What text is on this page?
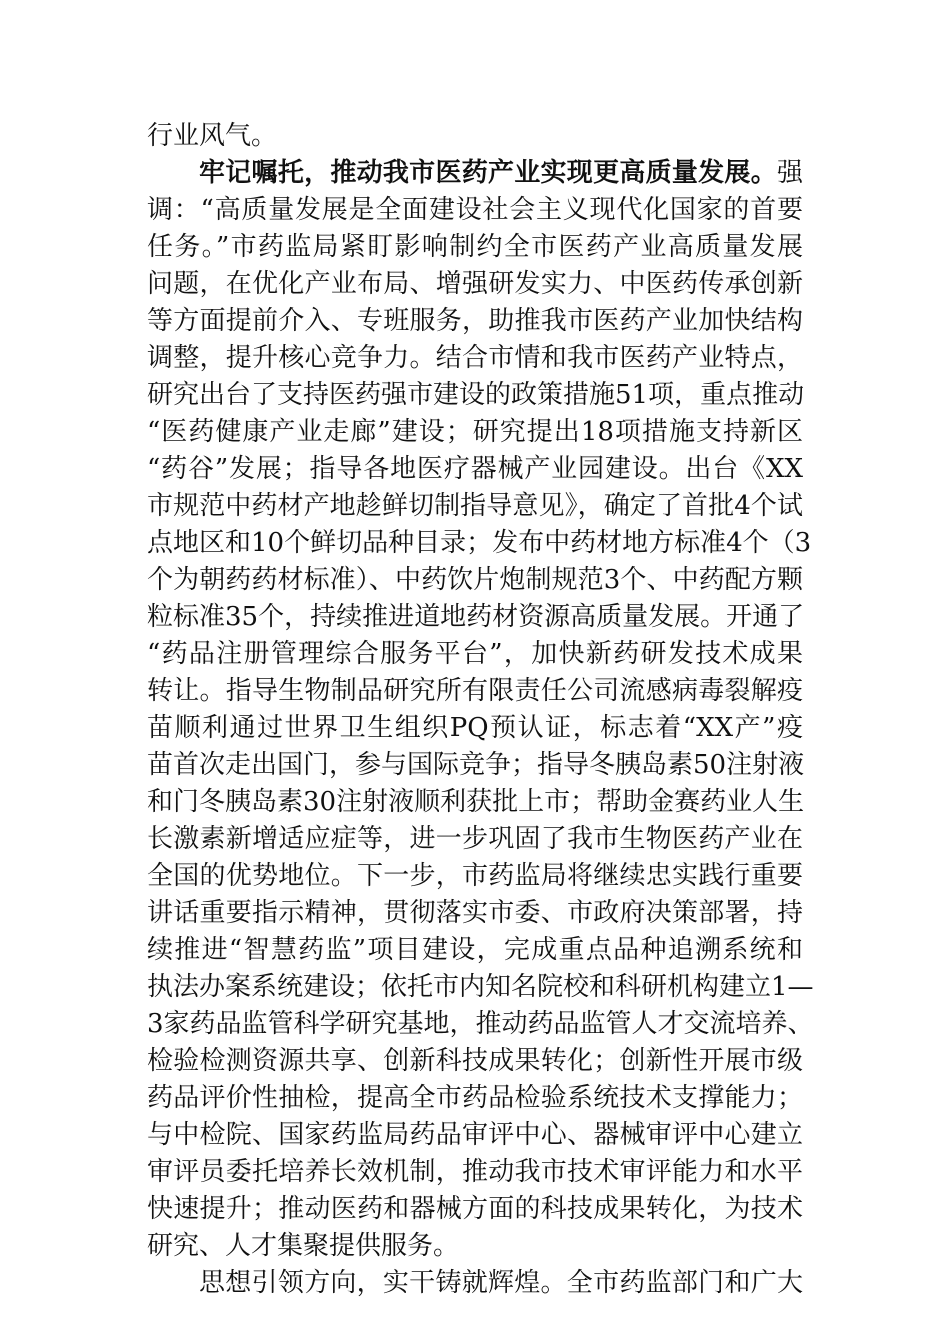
行业风气。
牢记嘱托，推动我市医药产业实现更高质量发展。强
调：“高质量发展是全面建设社会主义现代化国家的首要
任务。”市药监局紧盯影响制约全市医药产业高质量发展
问题，在优化产业布局、增强研发实力、中医药传承创新
等方面提前介入、专班服务，助推我市医药产业加快结构
调整，提升核心竞争力。结合市情和我市医药产业特点，
研究出台了支持医药强市建设的政策措施51项，重点推动
“医药健康产业走廊”建设；研究提出18项措施支持新区
“药谷”发展；指导各地医疗器械产业园建设。出台《XX
市规范中药材产地趁鲜切制指导意见》，确定了首批4个试
点地区和10个鲜切品种目录；发布中药材地方标准4个（3
个为朝药药材标准）、中药饮片炮制规范3个、中药配方颗
粒标准35个，持续推进道地药材资源高质量发展。开通了
“药品注册管理综合服务平台”，加快新药研发技术成果
转让。指导生物制品研究所有限责任公司流感病毒裂解疫
苗顺利通过世界卫生组织PQ预认证，标志着“XX产”疫
苗首次走出国门，参与国际竞争；指导冬胰岛素50注射液
和门冬胰岛素30注射液顺利获批上市；帮助金赛药业人生
长激素新增适应症等，进一步巩固了我市生物医药产业在
全国的优势地位。下一步，市药监局将继续忠实践行重要
讲话重要指示精神，贯彻落实市委、市政府决策部署，持
续推进“智慧药监”项目建设，完成重点品种追溯系统和
执法办案系统建设；依托市内知名院校和科研机构建立1—
3家药品监管科学研究基地，推动药品监管人才交流培养、
检验检测资源共享、创新科技成果转化；创新性开展市级
药品评价性抽检，提高全市药品检验系统技术支撑能力；
与中检院、国家药监局药品审评中心、器械审评中心建立
审评员委托培养长效机制，推动我市技术审评能力和水平
快速提升；推动医药和器械方面的科技成果转化，为技术
研究、人才集聚提供服务。
思想引领方向，实干铸就辉煌。全市药监部门和广大
